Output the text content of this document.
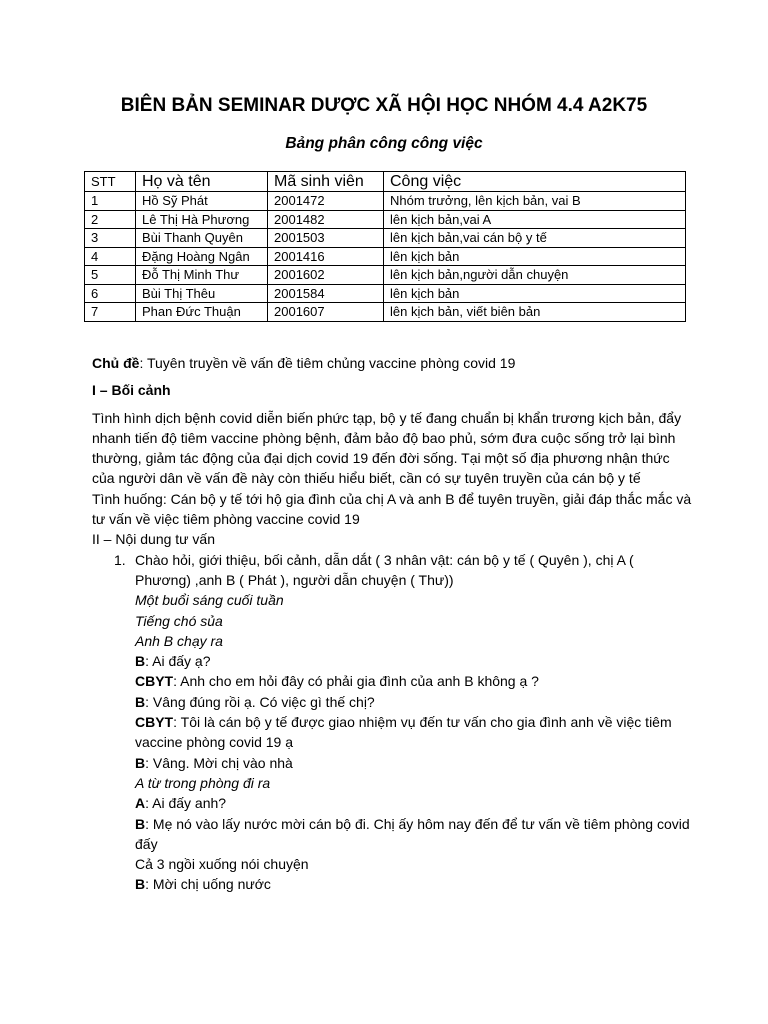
BIÊN BẢN SEMINAR DƯỢC XÃ HỘI HỌC NHÓM 4.4 A2K75
Bảng phân công công việc
STT	Họ và tên	Mã sinh viên	Công việc
1	Hồ Sỹ Phát	2001472	Nhóm trưởng, lên kịch bản, vai B
2	Lê Thị Hà Phương	2001482	lên kịch bản,vai A
3	Bùi Thanh Quyên	2001503	lên kịch bản,vai cán bộ y tế
4	Đặng Hoàng Ngân	2001416	lên kịch bản
5	Đỗ Thị Minh Thư	2001602	lên kịch bản,người dẫn chuyện
6	Bùi Thị Thêu	2001584	lên kịch bản
7	Phan Đức Thuận	2001607	lên kịch bản, viết biên bản

Chủ đề: Tuyên truyền về vấn đề tiêm chủng vaccine phòng covid 19

I – Bối cảnh

Tình hình dịch bệnh covid diễn biến phức tạp, bộ y tế đang chuẩn bị khẩn trương kịch bản, đẩy nhanh tiến độ tiêm vaccine phòng bệnh, đảm bảo độ bao phủ, sớm đưa cuộc sống trở lại bình thường, giảm tác động của đại dịch covid 19 đến đời sống. Tại một số địa phương nhận thức của người dân về vấn đề này còn thiếu hiểu biết, cần có sự tuyên truyền của cán bộ y tế

Tình huống: Cán bộ y tế tới hộ gia đình của chị A và anh B để tuyên truyền, giải đáp thắc mắc và tư vấn về việc tiêm phòng vaccine covid 19

II – Nội dung tư vấn

1. Chào hỏi, giới thiệu, bối cảnh, dẫn dắt ( 3 nhân vật: cán bộ y tế ( Quyên ), chị A ( Phương) ,anh B ( Phát ), người dẫn chuyện ( Thư))

Một buổi sáng cuối tuần

Tiếng chó sủa

Anh B chạy ra

B: Ai đấy ạ?

CBYT: Anh cho em hỏi đây có phải gia đình của anh B không ạ ?

B: Vâng đúng rồi ạ. Có việc gì thế chị?

CBYT: Tôi là cán bộ y tế được giao nhiệm vụ đến tư vấn cho gia đình anh về việc tiêm vaccine phòng covid 19 ạ

B: Vâng. Mời chị vào nhà

A từ trong phòng đi ra

A: Ai đấy anh?

B: Mẹ nó vào lấy nước mời cán bộ đi. Chị ấy hôm nay đến để tư vấn về tiêm phòng covid đấy

Cả 3 ngồi xuống nói chuyện

B: Mời chị uống nước
